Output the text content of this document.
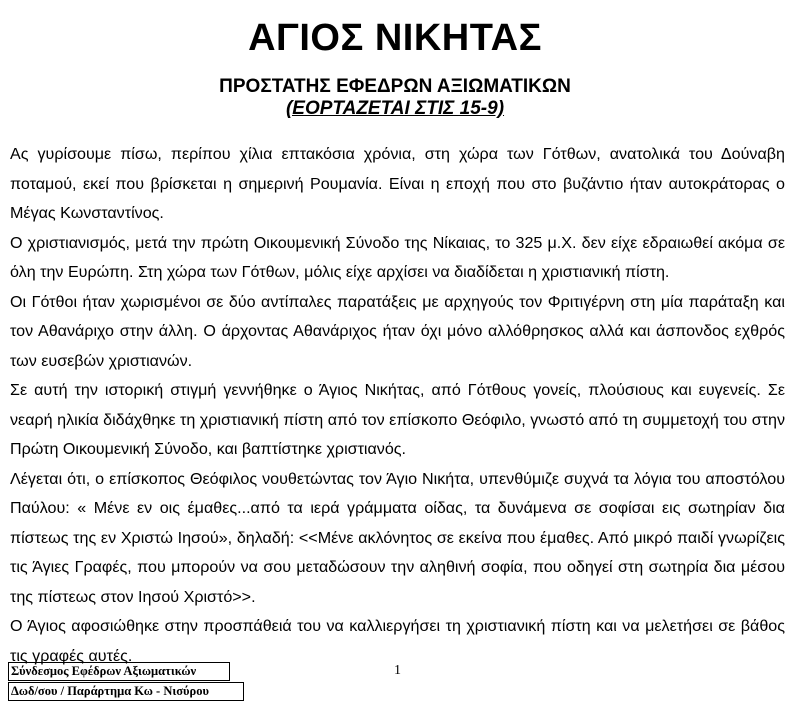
ΑΓΙΟΣ ΝΙΚΗΤΑΣ
ΠΡΟΣΤΑΤΗΣ ΕΦΕΔΡΩΝ ΑΞΙΩΜΑΤΙΚΩΝ
(ΕΟΡΤΑΖΕΤΑΙ ΣΤΙΣ 15-9)

Ας γυρίσουμε πίσω, περίπου χίλια επτακόσια χρόνια, στη χώρα των Γότθων, ανατολικά του Δούναβη ποταμού, εκεί που βρίσκεται η σημερινή Ρουμανία. Είναι η εποχή που στο βυζάντιο ήταν αυτοκράτορας ο Μέγας Κωνσταντίνος.

Ο χριστιανισμός, μετά την πρώτη Οικουμενική Σύνοδο της Νίκαιας, το 325 μ.Χ. δεν είχε εδραιωθεί ακόμα σε όλη την Ευρώπη. Στη χώρα των Γότθων, μόλις είχε αρχίσει να διαδίδεται η χριστιανική πίστη.

Οι Γότθοι ήταν χωρισμένοι σε δύο αντίπαλες παρατάξεις με αρχηγούς τον Φριτιγέρνη στη μία παράταξη και τον Αθανάριχο στην άλλη. Ο άρχοντας Αθανάριχος ήταν όχι μόνο αλλόθρησκος αλλά και άσπονδος εχθρός των ευσεβών χριστιανών.

Σε αυτή την ιστορική στιγμή γεννήθηκε ο Άγιος Νικήτας, από Γότθους γονείς, πλούσιους και ευγενείς. Σε νεαρή ηλικία διδάχθηκε τη χριστιανική πίστη από τον επίσκοπο Θεόφιλο, γνωστό από τη συμμετοχή του στην Πρώτη Οικουμενική Σύνοδο, και βαπτίστηκε χριστιανός.

Λέγεται ότι, ο επίσκοπος Θεόφιλος νουθετώντας τον Άγιο Νικήτα, υπενθύμιζε συχνά τα λόγια του αποστόλου Παύλου: « Μένε εν οις έμαθες...από τα ιερά γράμματα οίδας, τα δυνάμενα σε σοφίσαι εις σωτηρίαν δια πίστεως της εν Χριστώ Ιησού», δηλαδή: <<Μένε ακλόνητος σε εκείνα που έμαθες. Από μικρό παιδί γνωρίζεις τις Άγιες Γραφές, που μπορούν να σου μεταδώσουν την αληθινή σοφία, που οδηγεί στη σωτηρία δια μέσου της πίστεως στον Ιησού Χριστό>>.

Ο Άγιος αφοσιώθηκε στην προσπάθειά του να καλλιεργήσει τη χριστιανική πίστη και να μελετήσει σε βάθος τις γραφές αυτές.

Σύνδεσμος Εφέδρων Αξιωματικών
Δωδ/σου / Παράρτημα Κω - Νισύρου
1
